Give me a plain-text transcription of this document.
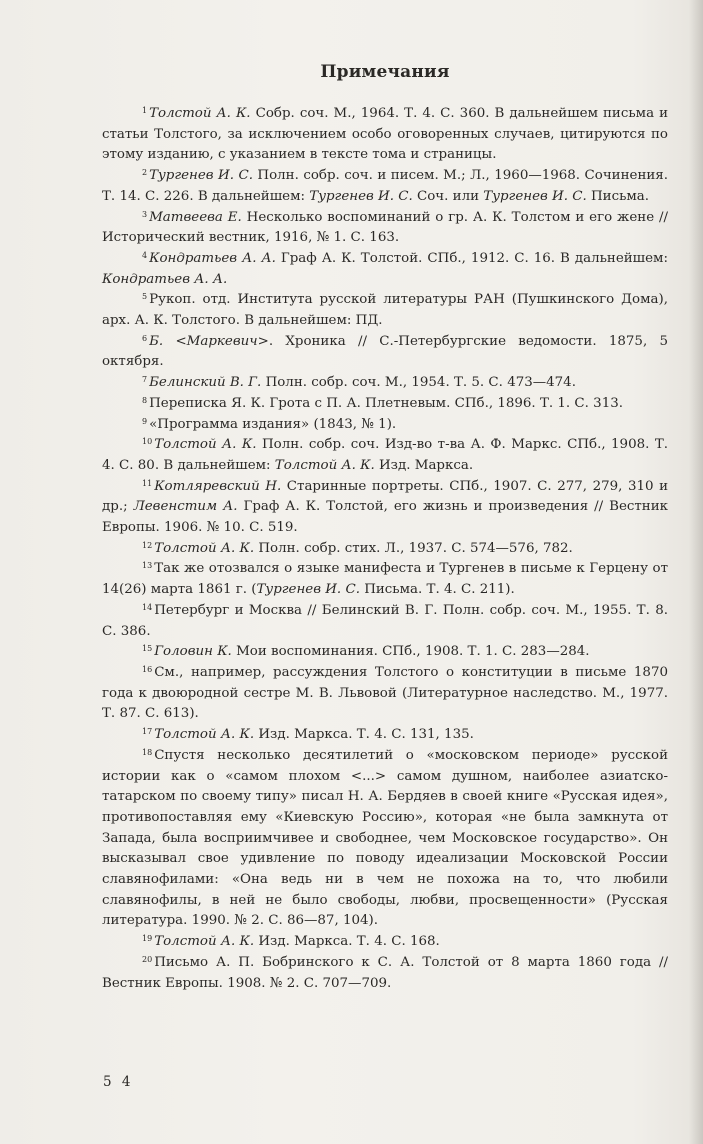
Примечания

$^1$ Толстой А. К. Собр. соч. М., 1964. Т. 4. С. 360. В дальнейшем письма и статьи Толстого, за исключением особо оговоренных случаев, цитируются по этому изданию, с указанием в тексте тома и страницы.

$^2$ Тургенев И. С. Полн. собр. соч. и писем. М.; Л., 1960—1968. Сочинения. Т. 14. С. 226. В дальнейшем: Тургенев И. С. Соч. или Тургенев И. С. Письма.

$^3$ Матвеева Е. Несколько воспоминаний о гр. А. К. Толстом и его жене // Исторический вестник, 1916, № 1. С. 163.

$^4$ Кондратьев А. А. Граф А. К. Толстой. СПб., 1912. С. 16. В дальнейшем: Кондратьев А. А.

$^5$ Рукоп. отд. Института русской литературы РАН (Пушкинского Дома), арх. А. К. Толстого. В дальнейшем: ПД.

$^6$ Б. <Маркевич>. Хроника // С.-Петербургские ведомости. 1875, 5 октября.

$^7$ Белинский В. Г. Полн. собр. соч. М., 1954. Т. 5. С. 473—474.

$^8$ Переписка Я. К. Грота с П. А. Плетневым. СПб., 1896. Т. 1. С. 313.

$^9$ «Программа издания» (1843, № 1).

$^{10}$ Толстой А. К. Полн. собр. соч. Изд-во т-ва А. Ф. Маркс. СПб., 1908. Т. 4. С. 80. В дальнейшем: Толстой А. К. Изд. Маркса.

$^{11}$ Котляревский Н. Старинные портреты. СПб., 1907. С. 277, 279, 310 и др.; Левенстим А. Граф А. К. Толстой, его жизнь и произведения // Вестник Европы. 1906. № 10. С. 519.

$^{12}$ Толстой А. К. Полн. собр. стих. Л., 1937. С. 574—576, 782.

$^{13}$ Так же отозвался о языке манифеста и Тургенев в письме к Герцену от 14(26) марта 1861 г. (Тургенев И. С. Письма. Т. 4. С. 211).

$^{14}$ Петербург и Москва // Белинский В. Г. Полн. собр. соч. М., 1955. Т. 8. С. 386.

$^{15}$ Головин К. Мои воспоминания. СПб., 1908. Т. 1. С. 283—284.

$^{16}$ См., например, рассуждения Толстого о конституции в письме 1870 года к двоюродной сестре М. В. Львовой (Литературное наследство. М., 1977. Т. 87. С. 613).

$^{17}$ Толстой А. К. Изд. Маркса. Т. 4. С. 131, 135.

$^{18}$ Спустя несколько десятилетий о «московском периоде» русской истории как о «самом плохом <...> самом душном, наиболее азиатско-татарском по своему типу» писал Н. А. Бердяев в своей книге «Русская идея», противопоставляя ему «Киевскую Россию», которая «не была замкнута от Запада, была восприимчивее и свободнее, чем Московское государство». Он высказывал свое удивление по поводу идеализации Московской России славянофилами: «Она ведь ни в чем не похожа на то, что любили славянофилы, в ней не было свободы, любви, просвещенности» (Русская литература. 1990. № 2. С. 86—87, 104).

$^{19}$ Толстой А. К. Изд. Маркса. Т. 4. С. 168.

$^{20}$ Письмо А. П. Бобринского к С. А. Толстой от 8 марта 1860 года // Вестник Европы. 1908. № 2. С. 707—709.

5 4
